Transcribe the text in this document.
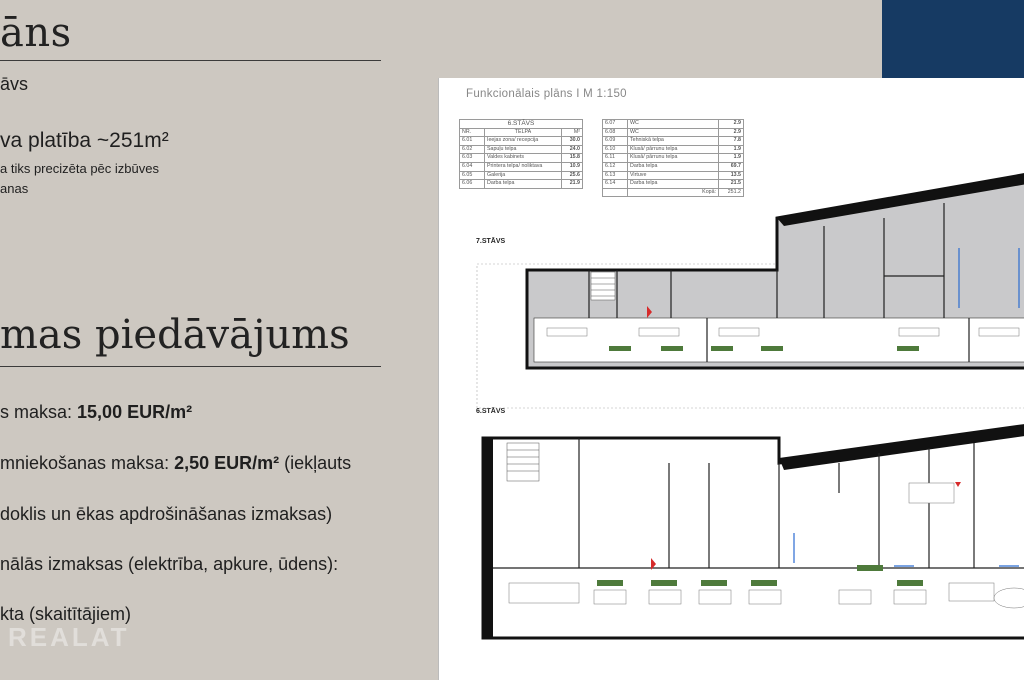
āns
āvs
va platība ~251m²
a tiks precizēta pēc izbūves
anas
mas piedāvājums
s maksa: 15,00 EUR/m²
mniekošanas maksa: 2,50 EUR/m² (iekļauts
doklis un ēkas apdrošināšanas izmaksas)
nālās izmaksas (elektrība, apkure, ūdens):
kta (skaitītājiem)
REALAT
Funkcionālais plāns I M 1:150
6.STĀVS		
NR.	TELPA	M²
6.01	Ieejas zona/ recepcija	30.0
6.02	Sapuļu telpa	24.0
6.03	Valdes kabinets	15.8
6.04	Printera telpa/ noliktava	10.9
6.05	Galerija	25.6
6.06	Darba telpa	21.9
6.07	WC	2.9
6.08	WC	2.9
6.09	Tehniskā telpa	7.8
6.10	Klusā/ pārrunu telpa	1.9
6.11	Klusā/ pārrunu telpa	1.9
6.12	Darba telpa	69.7
6.13	Virtuve	13.5
6.14	Darba telpa	21.5
	Kopā:	251.2
7.STĀVS
6.STĀVS
